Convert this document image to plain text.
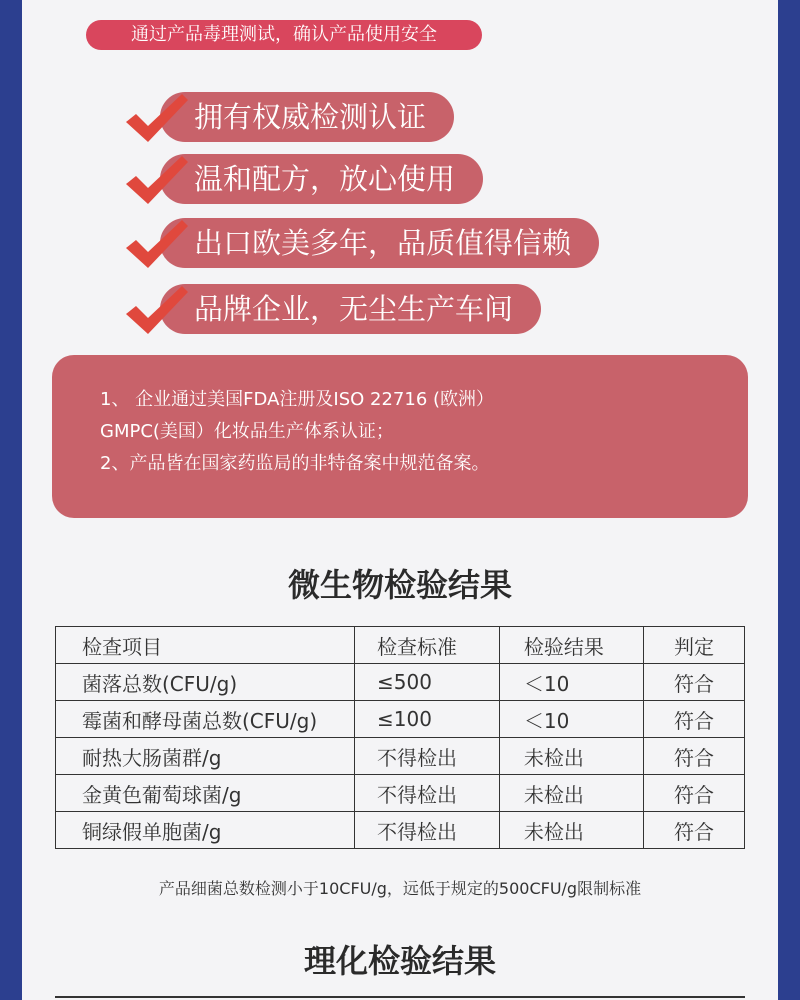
通过产品毒理测试，确认产品使用安全
拥有权威检测认证
温和配方，放心使用
出口欧美多年，品质值得信赖
品牌企业，无尘生产车间
1、 企业通过美国FDA注册及ISO 22716 (欧洲）
GMPC(美国）化妆品生产体系认证；
2、产品皆在国家药监局的非特备案中规范备案。
微生物检验结果
检查项目	检查标准	检验结果	判定
菌落总数(CFU/g)	≤500	＜10	符合
霉菌和酵母菌总数(CFU/g)	≤100	＜10	符合
耐热大肠菌群/g	不得检出	未检出	符合
金黄色葡萄球菌/g	不得检出	未检出	符合
铜绿假单胞菌/g	不得检出	未检出	符合
产品细菌总数检测小于10CFU/g，远低于规定的500CFU/g限制标准
理化检验结果
